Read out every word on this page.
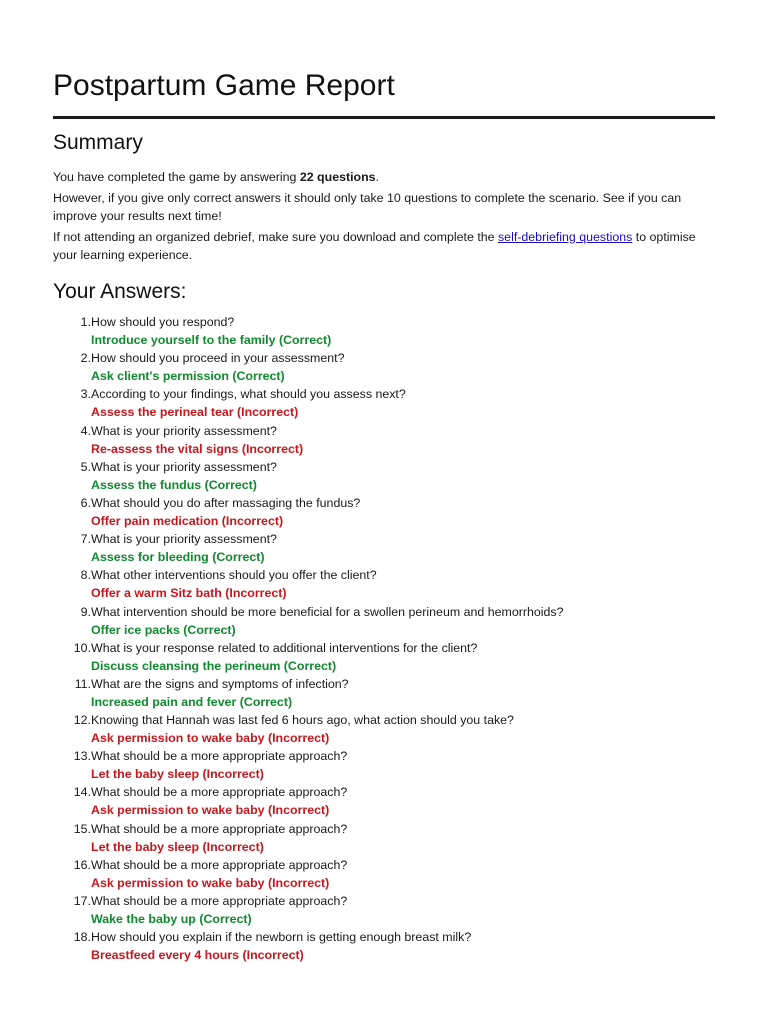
Postpartum Game Report
Summary

You have completed the game by answering 22 questions.

However, if you give only correct answers it should only take 10 questions to complete the scenario. See if you can improve your results next time!

If not attending an organized debrief, make sure you download and complete the self-debriefing questions to optimise your learning experience.

Your Answers:
1. How should you respond?
Introduce yourself to the family (Correct)
2. How should you proceed in your assessment?
Ask client's permission (Correct)
3. According to your findings, what should you assess next?
Assess the perineal tear (Incorrect)
4. What is your priority assessment?
Re-assess the vital signs (Incorrect)
5. What is your priority assessment?
Assess the fundus (Correct)
6. What should you do after massaging the fundus?
Offer pain medication (Incorrect)
7. What is your priority assessment?
Assess for bleeding (Correct)
8. What other interventions should you offer the client?
Offer a warm Sitz bath (Incorrect)
9. What intervention should be more beneficial for a swollen perineum and hemorrhoids?
Offer ice packs (Correct)
10. What is your response related to additional interventions for the client?
Discuss cleansing the perineum (Correct)
11. What are the signs and symptoms of infection?
Increased pain and fever (Correct)
12. Knowing that Hannah was last fed 6 hours ago, what action should you take?
Ask permission to wake baby (Incorrect)
13. What should be a more appropriate approach?
Let the baby sleep (Incorrect)
14. What should be a more appropriate approach?
Ask permission to wake baby (Incorrect)
15. What should be a more appropriate approach?
Let the baby sleep (Incorrect)
16. What should be a more appropriate approach?
Ask permission to wake baby (Incorrect)
17. What should be a more appropriate approach?
Wake the baby up (Correct)
18. How should you explain if the newborn is getting enough breast milk?
Breastfeed every 4 hours (Incorrect)
